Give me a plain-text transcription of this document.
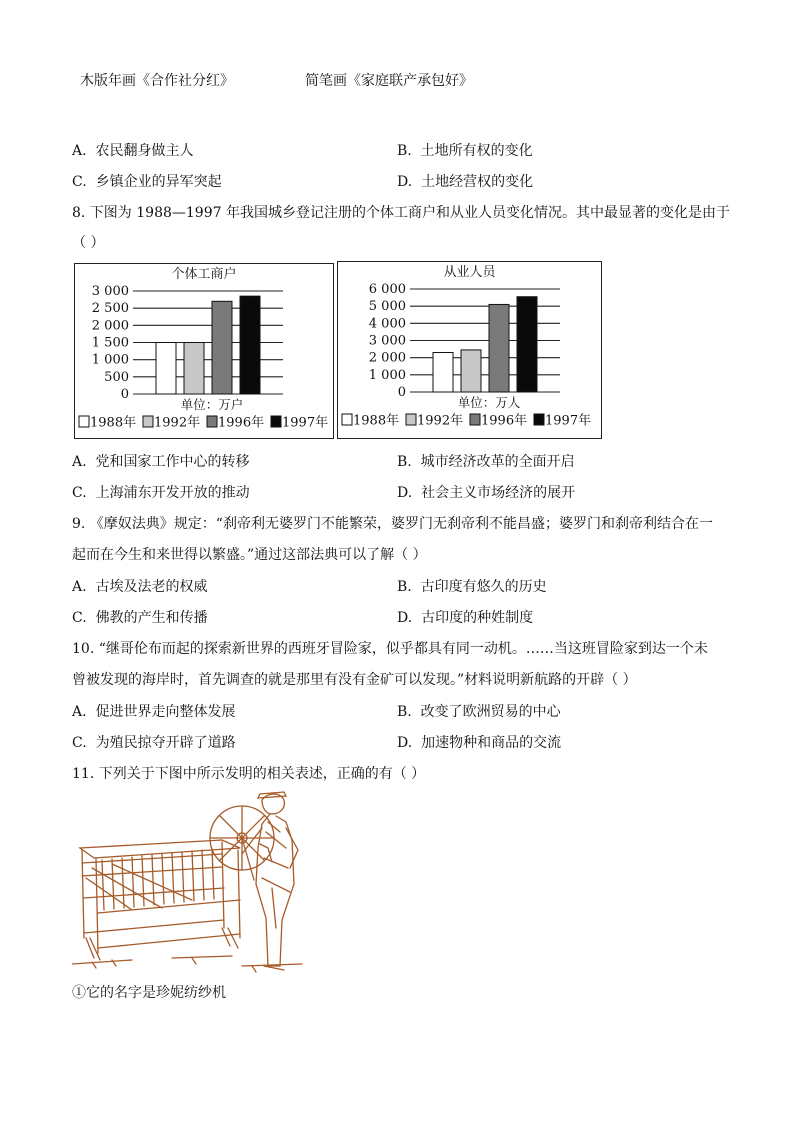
木版年画《合作社分红》	简笔画《家庭联产承包好》
A. 农民翻身做主人	B. 土地所有权的变化
C. 乡镇企业的异军突起	D. 土地经营权的变化
8. 下图为 1988—1997 年我国城乡登记注册的个体工商户和从业人员变化情况。其中最显著的变化是由于
（ ）
个体工商户
0
500
1 000
1 500
2 000
2 500
3 000
单位：万户
1988年 1992年 1996年 1997年
从业人员
0
1 000
2 000
3 000
4 000
5 000
6 000
单位：万人
1988年 1992年 1996年 1997年
A. 党和国家工作中心的转移	B. 城市经济改革的全面开启
C. 上海浦东开发开放的推动	D. 社会主义市场经济的展开
9. 《摩奴法典》规定：“刹帝利无婆罗门不能繁荣，婆罗门无刹帝利不能昌盛；婆罗门和刹帝利结合在一
起而在今生和来世得以繁盛。”通过这部法典可以了解（ ）
A. 古埃及法老的权威	B. 古印度有悠久的历史
C. 佛教的产生和传播	D. 古印度的种姓制度
10. “继哥伦布而起的探索新世界的西班牙冒险家，似乎都具有同一动机。……当这班冒险家到达一个未
曾被发现的海岸时，首先调查的就是那里有没有金矿可以发现。”材料说明新航路的开辟（ ）
A. 促进世界走向整体发展	B. 改变了欧洲贸易的中心
C. 为殖民掠夺开辟了道路	D. 加速物种和商品的交流
11. 下列关于下图中所示发明的相关表述，正确的有（ ）
①它的名字是珍妮纺纱机
